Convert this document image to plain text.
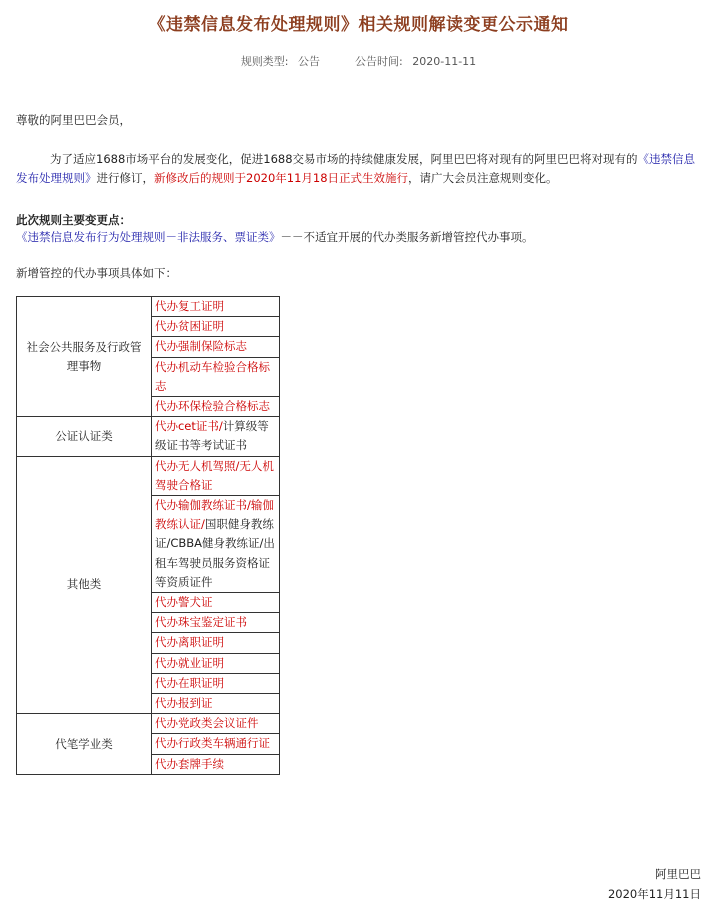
《违禁信息发布处理规则》相关规则解读变更公示通知
规则类型: 公告	公告时间: 2020-11-11
尊敬的阿里巴巴会员，
为了适应1688市场平台的发展变化，促进1688交易市场的持续健康发展，阿里巴巴将对现有的阿里巴巴将对现有的《违禁信息发布处理规则》进行修订，新修改后的规则于2020年11月18日正式生效施行，请广大会员注意规则变化。
此次规则主要变更点：
《违禁信息发布行为处理规则－非法服务、票证类》－－不适宜开展的代办类服务新增管控代办事项。
新增管控的代办事项具体如下：
社会公共服务及行政管理事物	代办复工证明
	代办贫困证明
	代办强制保险标志
	代办机动车检验合格标志
	代办环保检验合格标志
公证认证类	代办cet证书/计算级等级证书等考试证书
其他类	代办无人机驾照/无人机驾驶合格证
	代办输伽教练证书/输伽教练认证/国职健身教练证/CBBA健身教练证/出租车驾驶员服务资格证等资质证件
	代办警犬证
	代办珠宝鉴定证书
	代办离职证明
	代办就业证明
	代办在职证明
	代办报到证
代笔学业类	代办党政类会议证件
	代办行政类车辆通行证
	代办套牌手续
阿里巴巴
2020年11月11日
